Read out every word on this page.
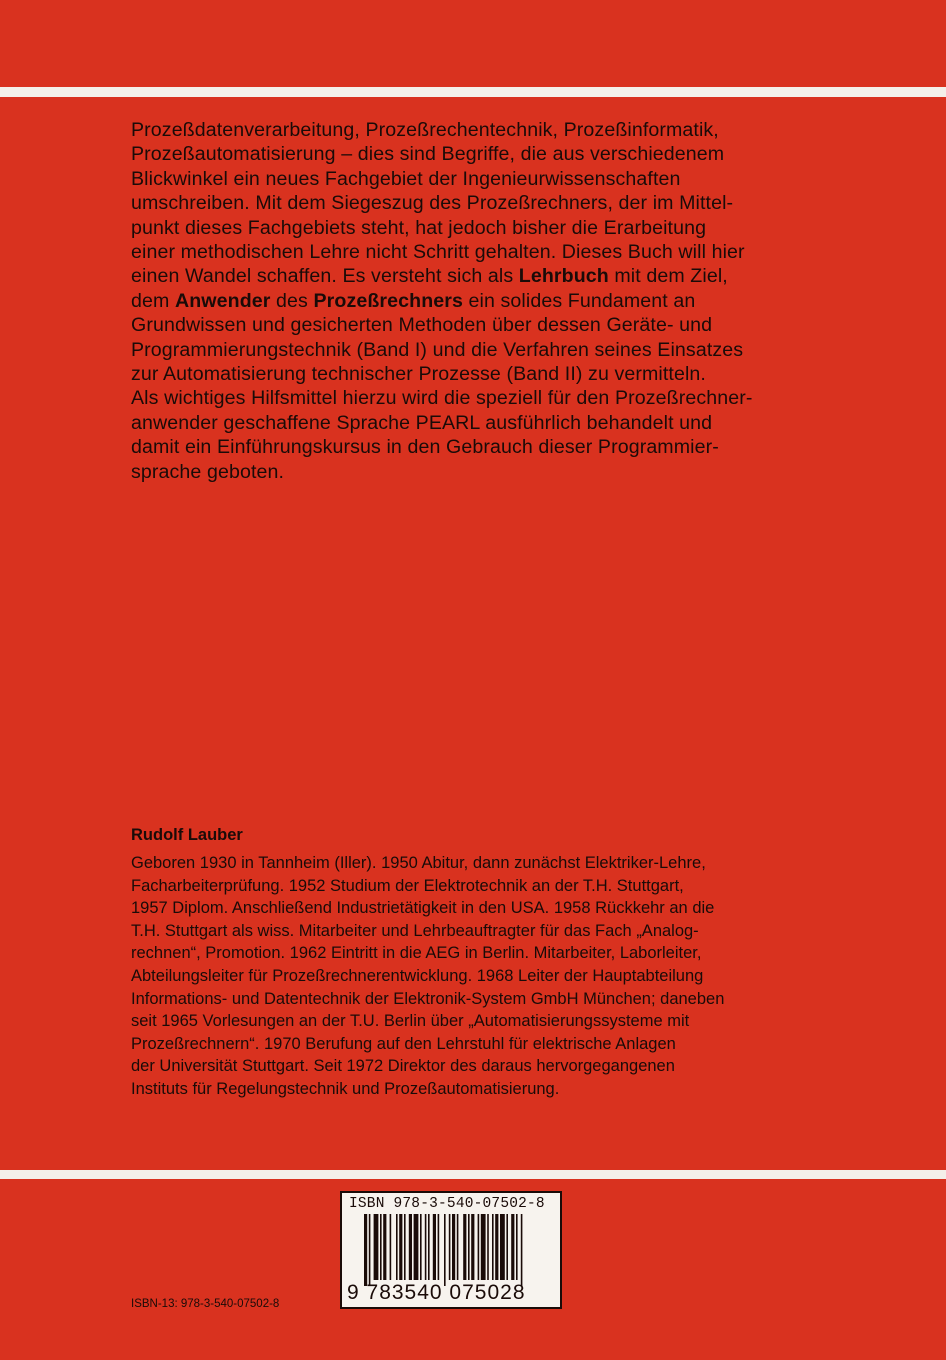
Prozeßdatenverarbeitung, Prozeßrechentechnik, Prozeßinformatik,
Prozeßautomatisierung – dies sind Begriffe, die aus verschiedenem
Blickwinkel ein neues Fachgebiet der Ingenieurwissenschaften
umschreiben. Mit dem Siegeszug des Prozeßrechners, der im Mittel-
punkt dieses Fachgebiets steht, hat jedoch bisher die Erarbeitung
einer methodischen Lehre nicht Schritt gehalten. Dieses Buch will hier
einen Wandel schaffen. Es versteht sich als Lehrbuch mit dem Ziel,
dem Anwender des Prozeßrechners ein solides Fundament an
Grundwissen und gesicherten Methoden über dessen Geräte- und
Programmierungstechnik (Band I) und die Verfahren seines Einsatzes
zur Automatisierung technischer Prozesse (Band II) zu vermitteln.
Als wichtiges Hilfsmittel hierzu wird die speziell für den Prozeßrechner-
anwender geschaffene Sprache PEARL ausführlich behandelt und
damit ein Einführungskursus in den Gebrauch dieser Programmier-
sprache geboten.
Rudolf Lauber
Geboren 1930 in Tannheim (Iller). 1950 Abitur, dann zunächst Elektriker-Lehre,
Facharbeiterprüfung. 1952 Studium der Elektrotechnik an der T.H. Stuttgart,
1957 Diplom. Anschließend Industrietätigkeit in den USA. 1958 Rückkehr an die
T.H. Stuttgart als wiss. Mitarbeiter und Lehrbeauftragter für das Fach „Analog-
rechnen“, Promotion. 1962 Eintritt in die AEG in Berlin. Mitarbeiter, Laborleiter,
Abteilungsleiter für Prozeßrechnerentwicklung. 1968 Leiter der Hauptabteilung
Informations- und Datentechnik der Elektronik-System GmbH München; daneben
seit 1965 Vorlesungen an der T.U. Berlin über „Automatisierungssysteme mit
Prozeßrechnern“. 1970 Berufung auf den Lehrstuhl für elektrische Anlagen
der Universität Stuttgart. Seit 1972 Direktor des daraus hervorgegangenen
Instituts für Regelungstechnik und Prozeßautomatisierung.
ISBN 978-3-540-07502-8
9 783540 075028
ISBN-13: 978-3-540-07502-8
